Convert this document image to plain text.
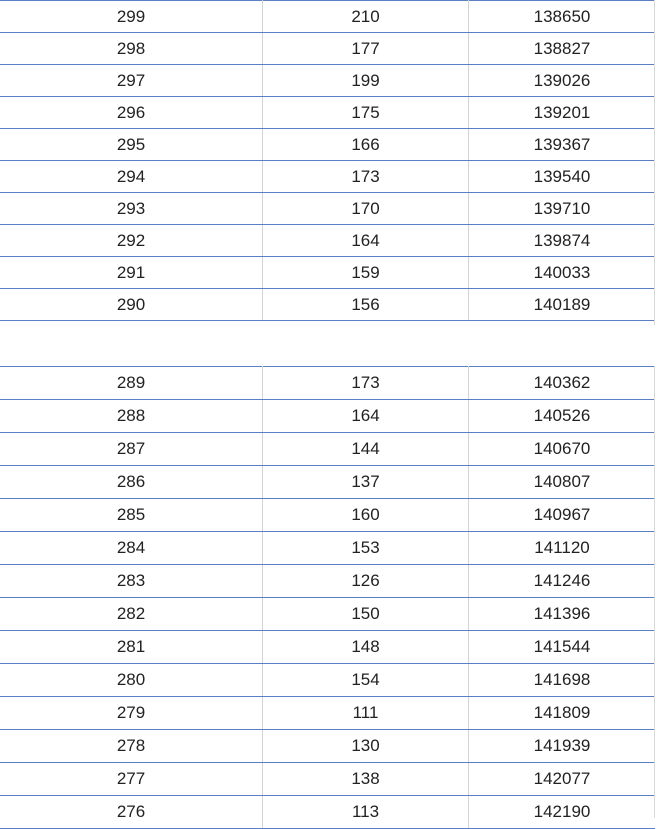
299	210	138650
298	177	138827
297	199	139026
296	175	139201
295	166	139367
294	173	139540
293	170	139710
292	164	139874
291	159	140033
290	156	140189
289	173	140362
288	164	140526
287	144	140670
286	137	140807
285	160	140967
284	153	141120
283	126	141246
282	150	141396
281	148	141544
280	154	141698
279	111	141809
278	130	141939
277	138	142077
276	113	142190
